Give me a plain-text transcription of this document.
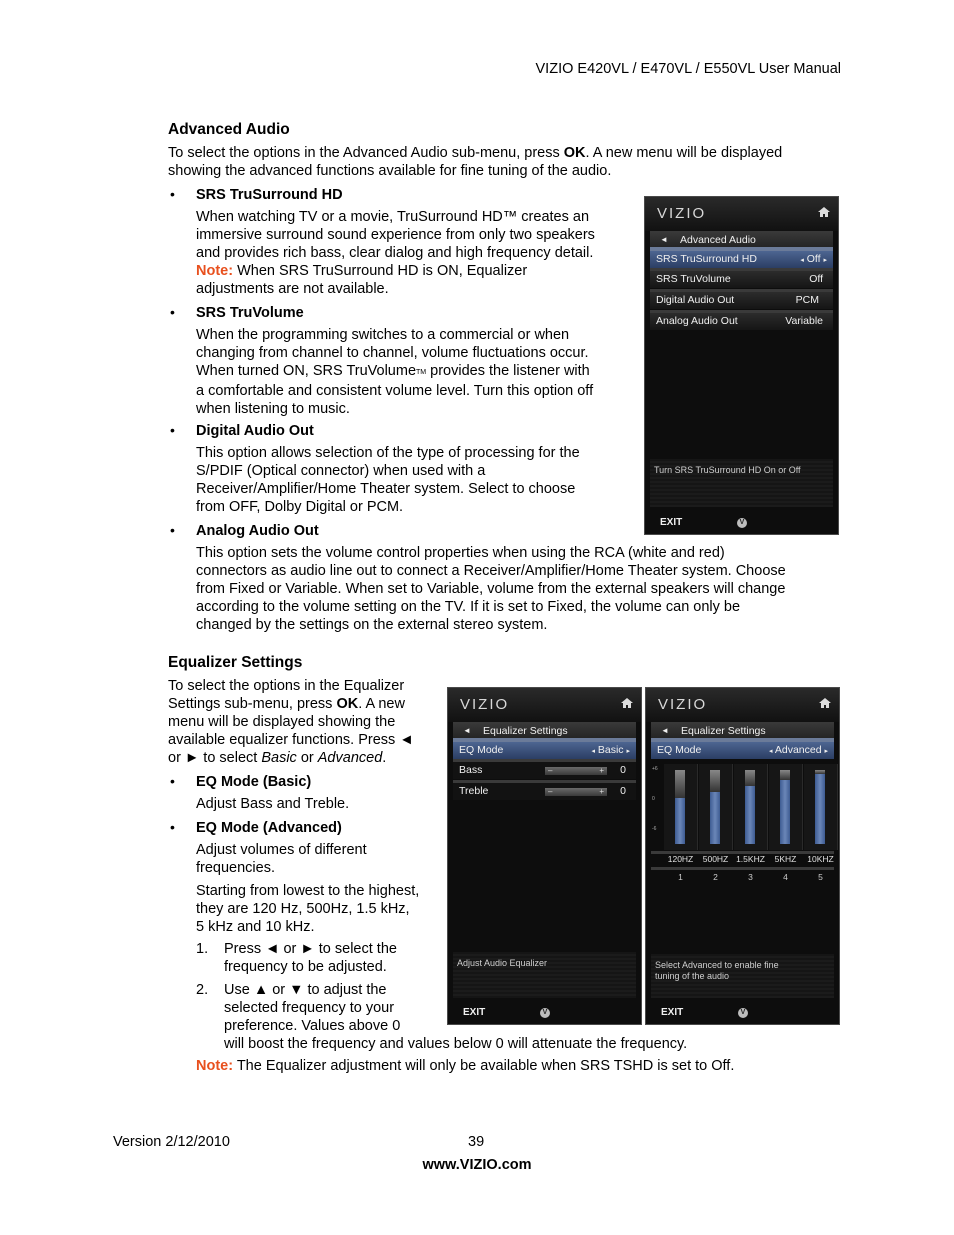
VIZIO E420VL / E470VL / E550VL User Manual
Advanced Audio
To select the options in the Advanced Audio sub-menu, press OK. A new menu will be displayed
showing the advanced functions available for fine tuning of the audio.
• SRS TruSurround HD
When watching TV or a movie, TruSurround HD™ creates an
immersive surround sound experience from only two speakers
and provides rich bass, clear dialog and high frequency detail.
Note: When SRS TruSurround HD is ON, Equalizer
adjustments are not available.
• SRS TruVolume
When the programming switches to a commercial or when
changing from channel to channel, volume fluctuations occur.
When turned ON, SRS TruVolumeTM provides the listener with
a comfortable and consistent volume level. Turn this option off
when listening to music.
• Digital Audio Out
This option allows selection of the type of processing for the
S/PDIF (Optical connector) when used with a
Receiver/Amplifier/Home Theater system. Select to choose
from OFF, Dolby Digital or PCM.
• Analog Audio Out
This option sets the volume control properties when using the RCA (white and red)
connectors as audio line out to connect a Receiver/Amplifier/Home Theater system. Choose
from Fixed or Variable. When set to Variable, volume from the external speakers will change
according to the volume setting on the TV. If it is set to Fixed, the volume can only be
changed by the settings on the external stereo system.
VIZIO
◄ Advanced Audio
SRS TruSurround HD	◂ Off ▸
SRS TruVolume	Off
Digital Audio Out	PCM
Analog Audio Out	Variable
Turn SRS TruSurround HD On or Off
EXIT	V
Equalizer Settings
To select the options in the Equalizer
Settings sub-menu, press OK. A new
menu will be displayed showing the
available equalizer functions. Press ◄
or ► to select Basic or Advanced.
• EQ Mode (Basic)
Adjust Bass and Treble.
• EQ Mode (Advanced)
Adjust volumes of different
frequencies.
Starting from lowest to the highest,
they are 120 Hz, 500Hz, 1.5 kHz,
5 kHz and 10 kHz.
1. Press ◄ or ► to select the
frequency to be adjusted.
2. Use ▲ or ▼ to adjust the
selected frequency to your
preference. Values above 0
will boost the frequency and values below 0 will attenuate the frequency.
Note: The Equalizer adjustment will only be available when SRS TSHD is set to Off.
VIZIO
◄ Equalizer Settings
EQ Mode	◂ Basic ▸
Bass	–	+ 0
Treble	–	+ 0
Adjust Audio Equalizer
EXIT	V
VIZIO
◄ Equalizer Settings
EQ Mode	◂ Advanced ▸
+6
0
-6
120HZ	500HZ 1.5KHZ	5KHZ	10KHZ
1	2	3	4	5
Select Advanced to enable fine
tuning of the audio
EXIT	V
Version 2/12/2010	39
www.VIZIO.com
